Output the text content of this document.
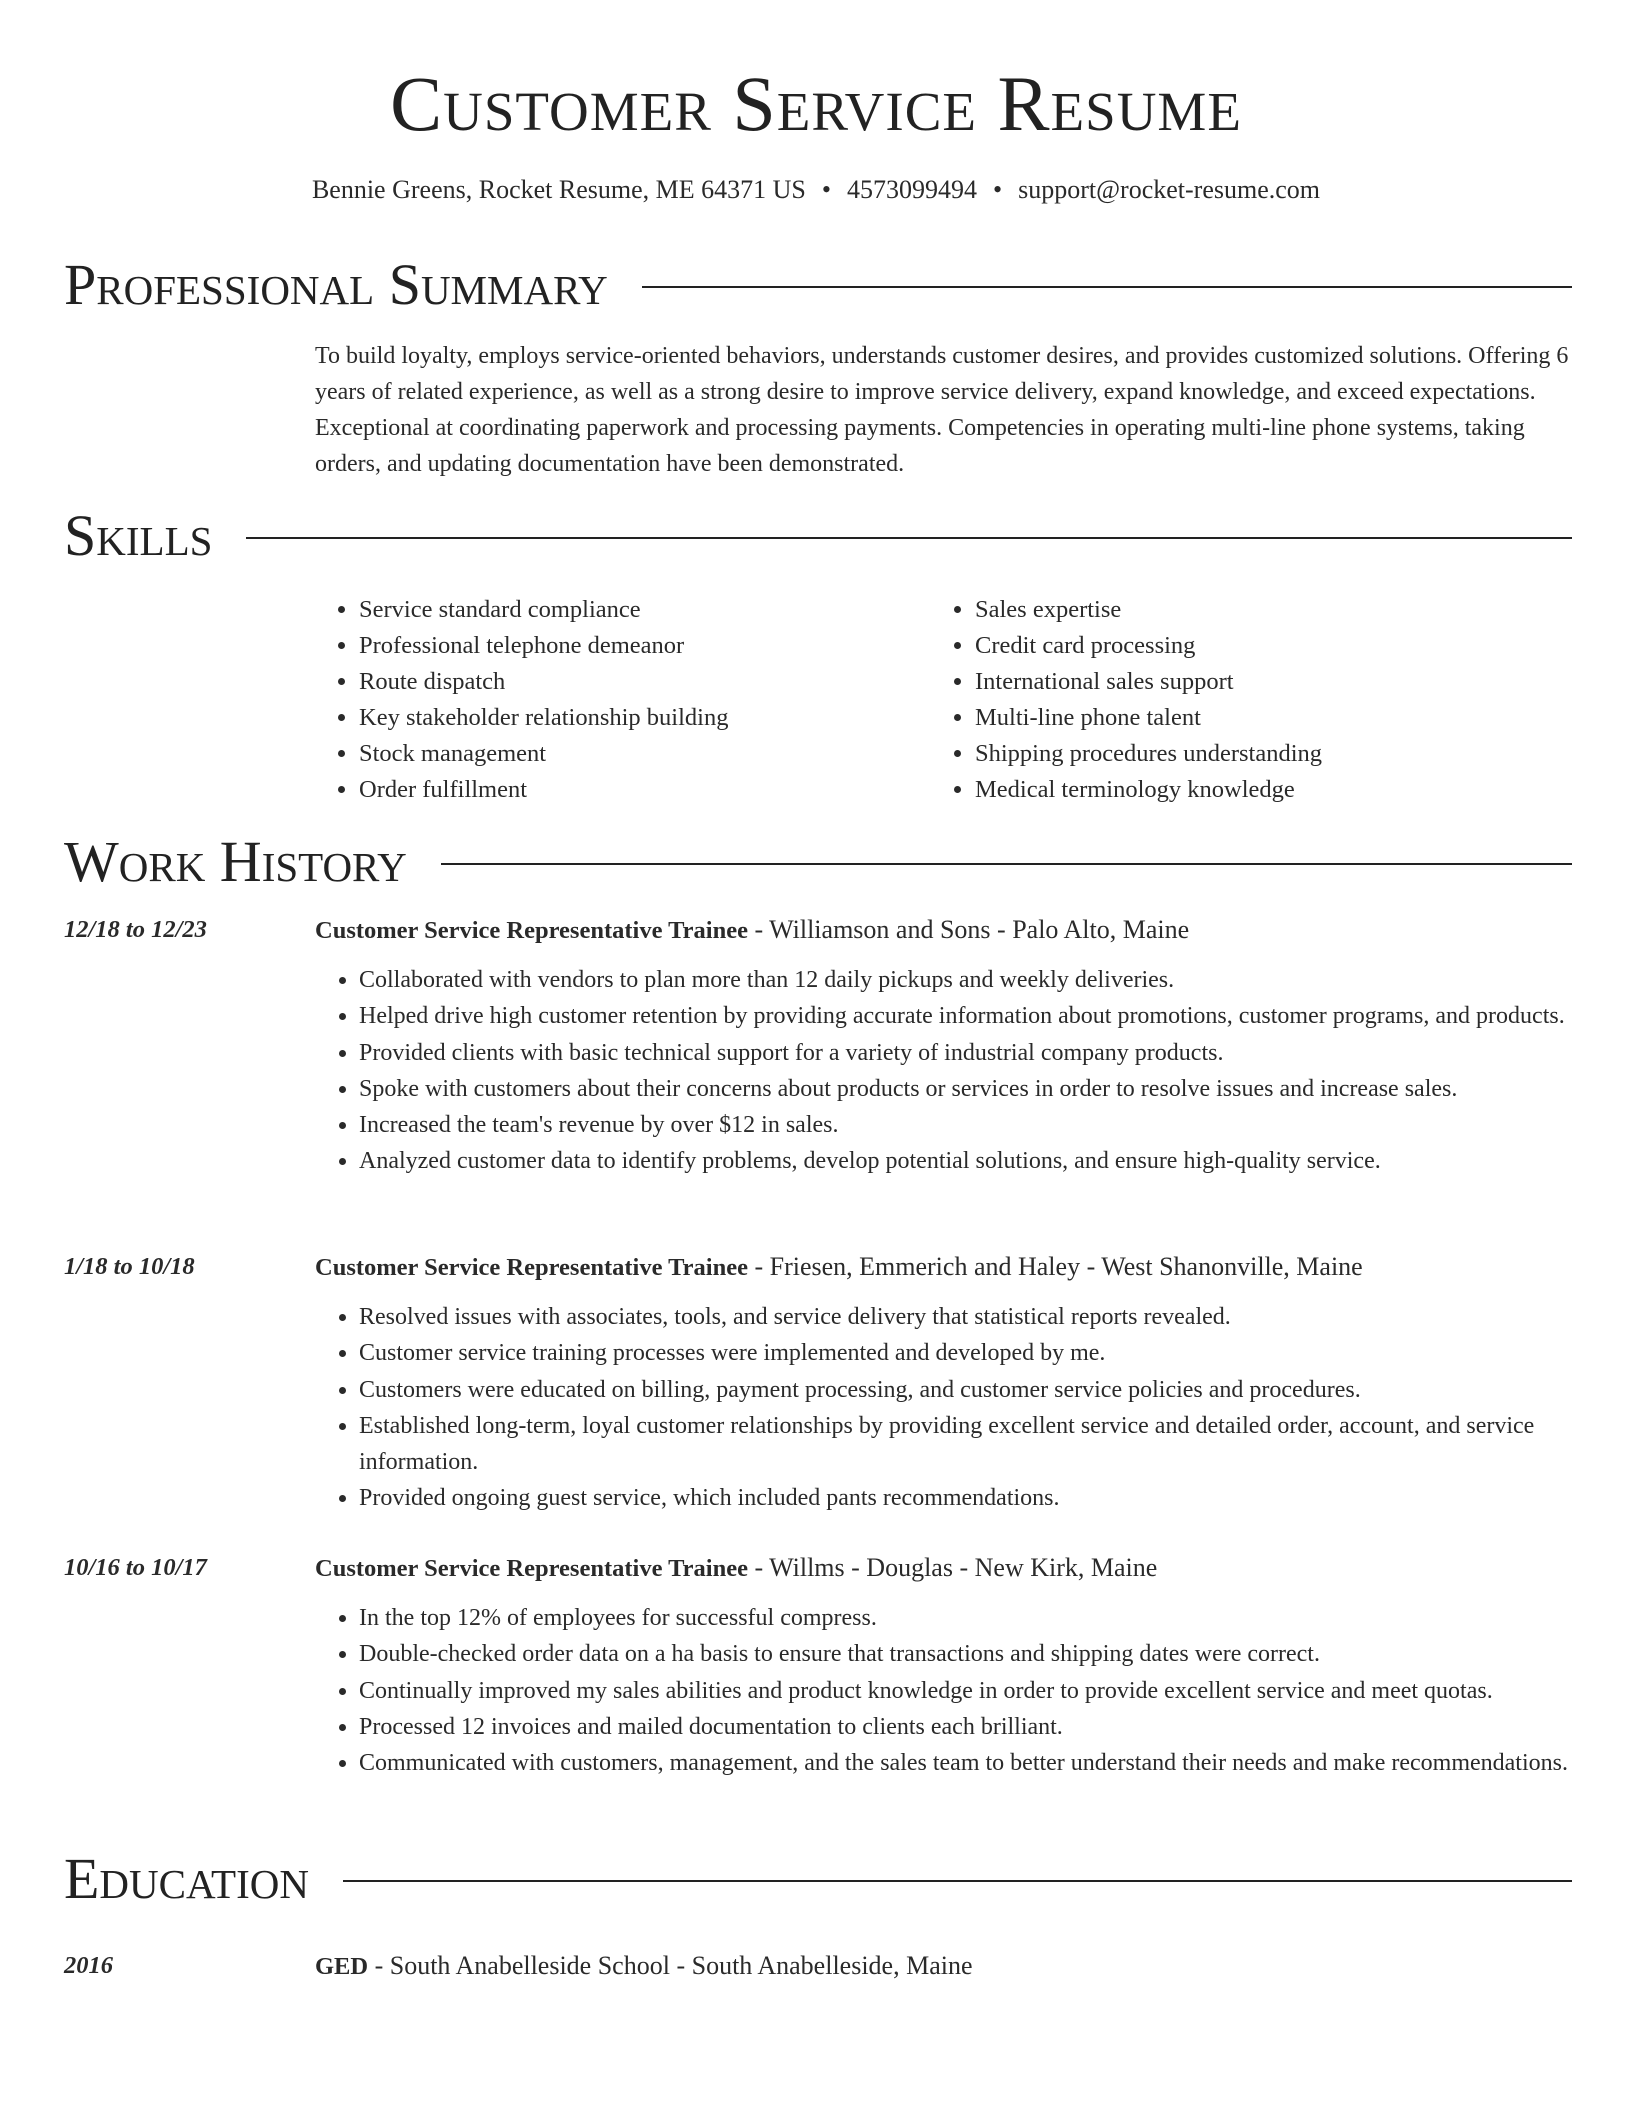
Customer Service Resume
Bennie Greens, Rocket Resume, ME 64371 US • 4573099494 • support@rocket-resume.com
Professional Summary

To build loyalty, employs service-oriented behaviors, understands customer desires, and provides customized solutions. Offering 6 years of related experience, as well as a strong desire to improve service delivery, expand knowledge, and exceed expectations. Exceptional at coordinating paperwork and processing payments. Competencies in operating multi-line phone systems, taking orders, and updating documentation have been demonstrated.

Skills
• Service standard compliance
• Professional telephone demeanor
• Route dispatch
• Key stakeholder relationship building
• Stock management
• Order fulfillment
• Sales expertise
• Credit card processing
• International sales support
• Multi-line phone talent
• Shipping procedures understanding
• Medical terminology knowledge
Work History
12/18 to 12/23	Customer Service Representative Trainee - Williamson and Sons - Palo Alto, Maine
• Collaborated with vendors to plan more than 12 daily pickups and weekly deliveries.
• Helped drive high customer retention by providing accurate information about promotions, customer programs, and products.
• Provided clients with basic technical support for a variety of industrial company products.
• Spoke with customers about their concerns about products or services in order to resolve issues and increase sales.
• Increased the team's revenue by over $12 in sales.
• Analyzed customer data to identify problems, develop potential solutions, and ensure high-quality service.
1/18 to 10/18	Customer Service Representative Trainee - Friesen, Emmerich and Haley - West Shanonville, Maine
• Resolved issues with associates, tools, and service delivery that statistical reports revealed.
• Customer service training processes were implemented and developed by me.
• Customers were educated on billing, payment processing, and customer service policies and procedures.
• Established long-term, loyal customer relationships by providing excellent service and detailed order, account, and service information.
• Provided ongoing guest service, which included pants recommendations.
10/16 to 10/17	Customer Service Representative Trainee - Willms - Douglas - New Kirk, Maine
• In the top 12% of employees for successful compress.
• Double-checked order data on a ha basis to ensure that transactions and shipping dates were correct.
• Continually improved my sales abilities and product knowledge in order to provide excellent service and meet quotas.
• Processed 12 invoices and mailed documentation to clients each brilliant.
• Communicated with customers, management, and the sales team to better understand their needs and make recommendations.
Education
2016	GED - South Anabelleside School - South Anabelleside, Maine
